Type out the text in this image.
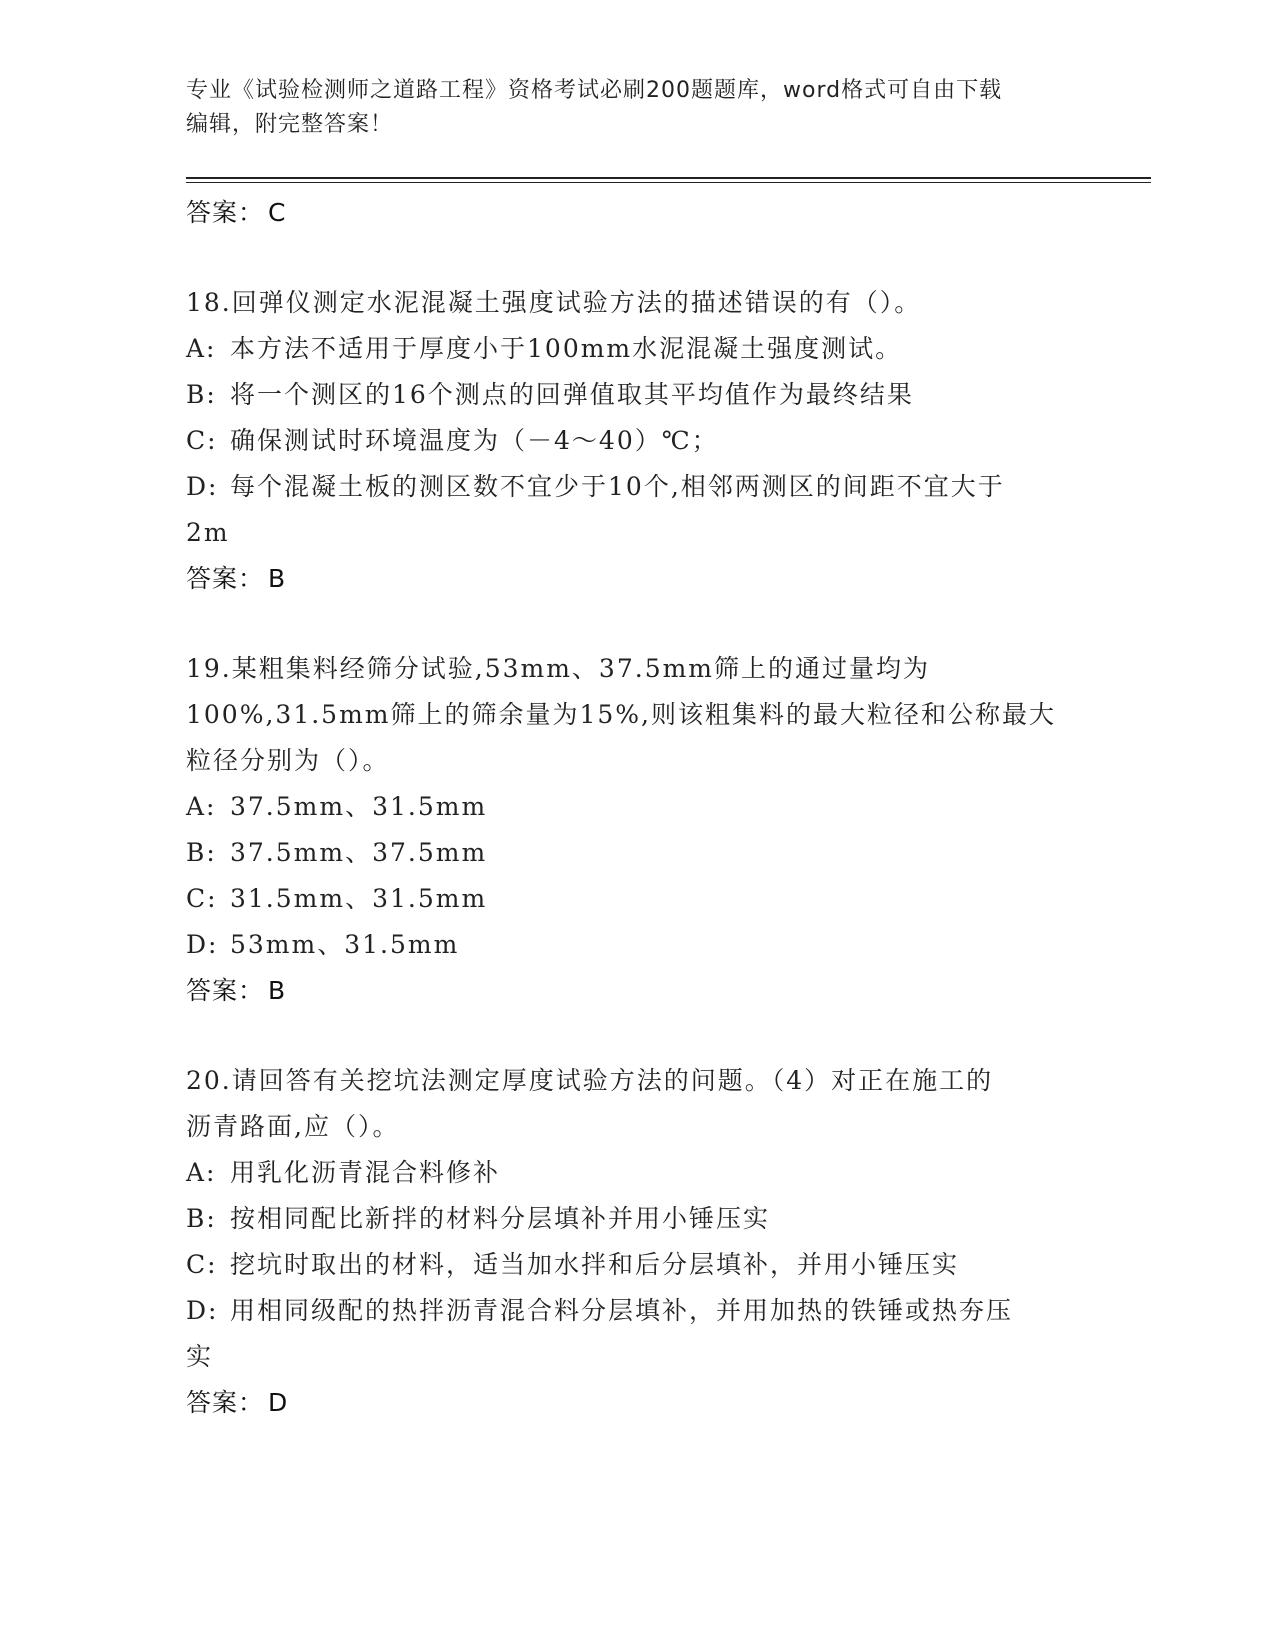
专业《试验检测师之道路工程》资格考试必刷200题题库，word格式可自由下载
编辑，附完整答案！
答案： C
18.回弹仪测定水泥混凝土强度试验方法的描述错误的有（）。
A: 本方法不适用于厚度小于100mm水泥混凝土强度测试。
B: 将一个测区的16个测点的回弹值取其平均值作为最终结果
C: 确保测试时环境温度为（－4～40）℃；
D: 每个混凝土板的测区数不宜少于10个,相邻两测区的间距不宜大于
2m
答案： B
19.某粗集料经筛分试验,53mm、37.5mm筛上的通过量均为
100%,31.5mm筛上的筛余量为15%,则该粗集料的最大粒径和公称最大
粒径分别为（）。
A: 37.5mm、31.5mm
B: 37.5mm、37.5mm
C: 31.5mm、31.5mm
D: 53mm、31.5mm
答案： B
20.请回答有关挖坑法测定厚度试验方法的问题。（4）对正在施工的
沥青路面,应（）。
A: 用乳化沥青混合料修补
B: 按相同配比新拌的材料分层填补并用小锤压实
C: 挖坑时取出的材料，适当加水拌和后分层填补，并用小锤压实
D: 用相同级配的热拌沥青混合料分层填补，并用加热的铁锤或热夯压
实
答案： D
